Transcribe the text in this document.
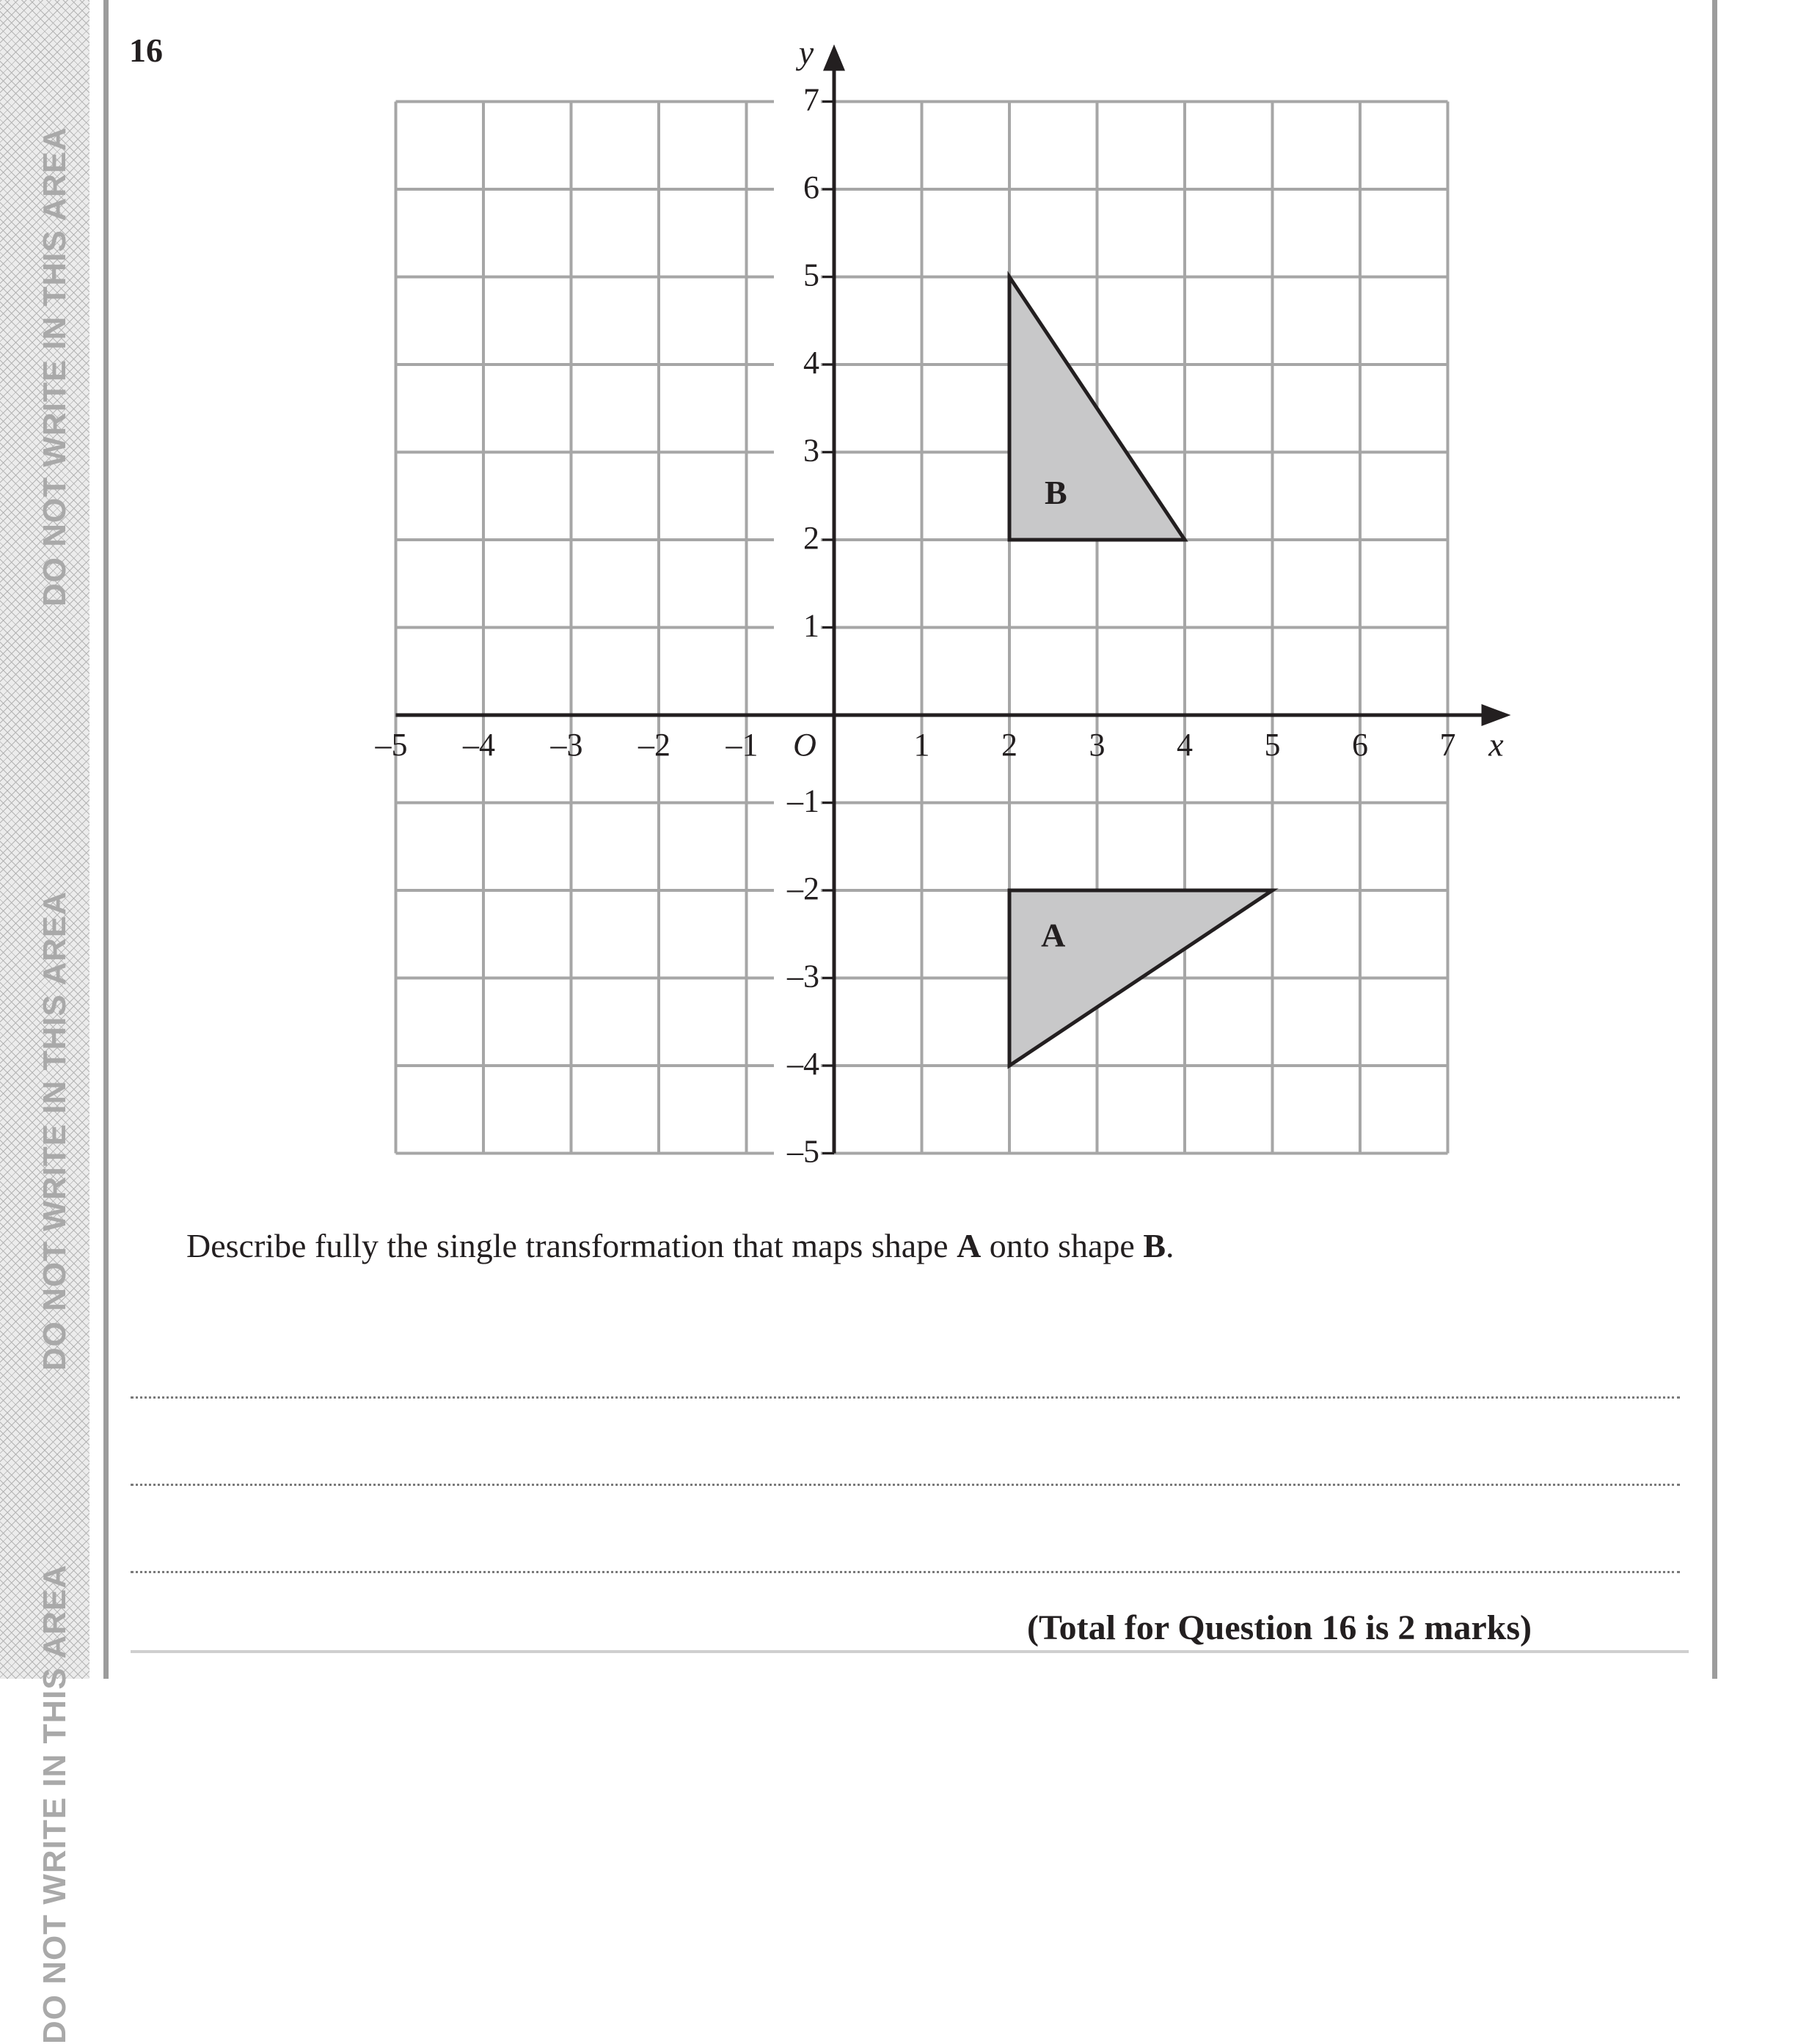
DO NOT WRITE IN THIS AREA
DO NOT WRITE IN THIS AREA
DO NOT WRITE IN THIS AREA
16
A
B
–5 –4 –3 –2 –1	1 2 3 4 5 6 7
–5
–4
–3
–2
–1
1
2
3
4
5
6
7
O	x
y
Describe fully the single transformation that maps shape A onto shape B.
(Total for Question 16 is 2 marks)
